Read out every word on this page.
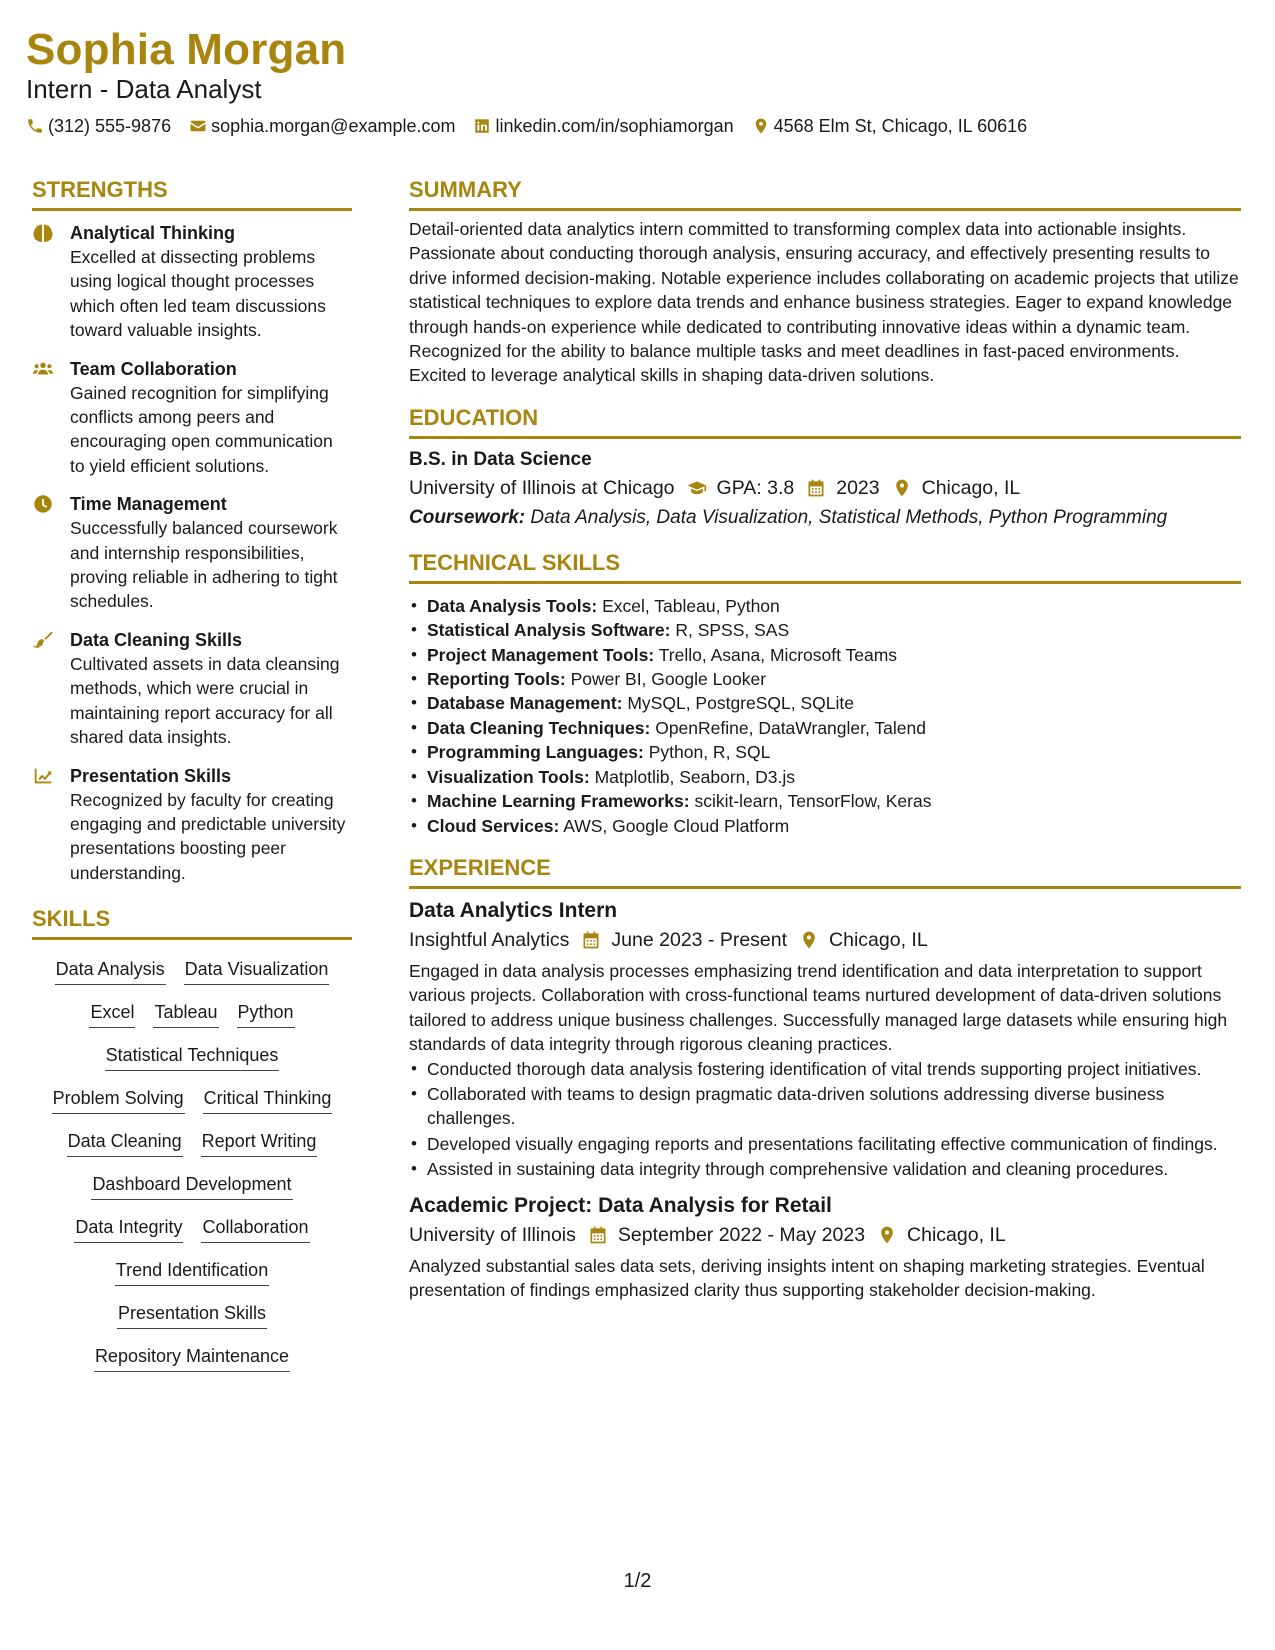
Sophia Morgan
Intern - Data Analyst
(312) 555-9876 sophia.morgan@example.com linkedin.com/in/sophiamorgan 4568 Elm St, Chicago, IL 60616
STRENGTHS
Analytical Thinking
Excelled at dissecting problems using logical thought processes which often led team discussions toward valuable insights.
Team Collaboration
Gained recognition for simplifying conflicts among peers and encouraging open communication to yield efficient solutions.
Time Management
Successfully balanced coursework and internship responsibilities, proving reliable in adhering to tight schedules.
Data Cleaning Skills
Cultivated assets in data cleansing methods, which were crucial in maintaining report accuracy for all shared data insights.
Presentation Skills
Recognized by faculty for creating engaging and predictable university presentations boosting peer understanding.
SKILLS
Data Analysis Data Visualization
Excel Tableau Python
Statistical Techniques
Problem Solving Critical Thinking
Data Cleaning Report Writing
Dashboard Development
Data Integrity Collaboration
Trend Identification
Presentation Skills
Repository Maintenance
SUMMARY
Detail-oriented data analytics intern committed to transforming complex data into actionable insights. Passionate about conducting thorough analysis, ensuring accuracy, and effectively presenting results to drive informed decision-making. Notable experience includes collaborating on academic projects that utilize statistical techniques to explore data trends and enhance business strategies. Eager to expand knowledge through hands-on experience while dedicated to contributing innovative ideas within a dynamic team. Recognized for the ability to balance multiple tasks and meet deadlines in fast-paced environments. Excited to leverage analytical skills in shaping data-driven solutions.
EDUCATION
B.S. in Data Science
University of Illinois at Chicago GPA: 3.8 2023 Chicago, IL
Coursework: Data Analysis, Data Visualization, Statistical Methods, Python Programming
TECHNICAL SKILLS
• Data Analysis Tools: Excel, Tableau, Python
• Statistical Analysis Software: R, SPSS, SAS
• Project Management Tools: Trello, Asana, Microsoft Teams
• Reporting Tools: Power BI, Google Looker
• Database Management: MySQL, PostgreSQL, SQLite
• Data Cleaning Techniques: OpenRefine, DataWrangler, Talend
• Programming Languages: Python, R, SQL
• Visualization Tools: Matplotlib, Seaborn, D3.js
• Machine Learning Frameworks: scikit-learn, TensorFlow, Keras
• Cloud Services: AWS, Google Cloud Platform
EXPERIENCE
Data Analytics Intern
Insightful Analytics June 2023 - Present Chicago, IL
Engaged in data analysis processes emphasizing trend identification and data interpretation to support various projects. Collaboration with cross-functional teams nurtured development of data-driven solutions tailored to address unique business challenges. Successfully managed large datasets while ensuring high standards of data integrity through rigorous cleaning practices.
• Conducted thorough data analysis fostering identification of vital trends supporting project initiatives.
• Collaborated with teams to design pragmatic data-driven solutions addressing diverse business challenges.
• Developed visually engaging reports and presentations facilitating effective communication of findings.
• Assisted in sustaining data integrity through comprehensive validation and cleaning procedures.
Academic Project: Data Analysis for Retail
University of Illinois September 2022 - May 2023 Chicago, IL
Analyzed substantial sales data sets, deriving insights intent on shaping marketing strategies. Eventual presentation of findings emphasized clarity thus supporting stakeholder decision-making.
1/2
